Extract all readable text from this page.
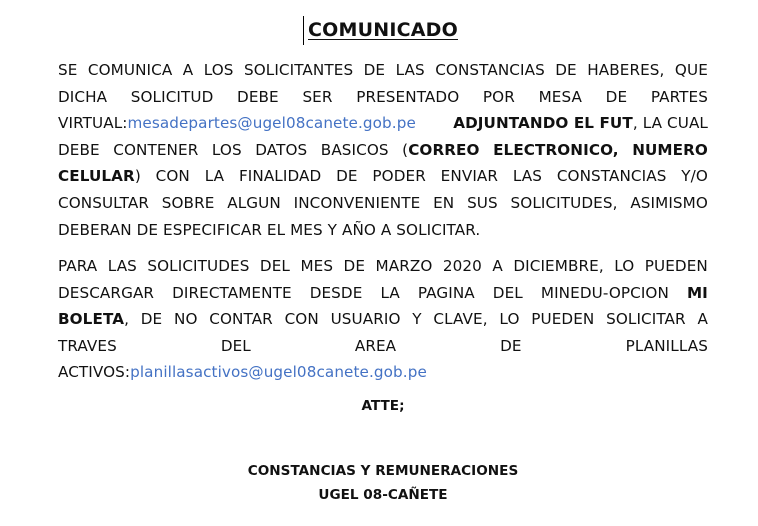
COMUNICADO
SE COMUNICA A LOS SOLICITANTES DE LAS CONSTANCIAS DE HABERES, QUE
DICHA SOLICITUD DEBE SER PRESENTADO POR MESA DE PARTES
VIRTUAL:mesadepartes@ugel08canete.gob.pe ADJUNTANDO EL FUT, LA CUAL
DEBE CONTENER LOS DATOS BASICOS (CORREO ELECTRONICO, NUMERO
CELULAR) CON LA FINALIDAD DE PODER ENVIAR LAS CONSTANCIAS Y/O
CONSULTAR SOBRE ALGUN INCONVENIENTE EN SUS SOLICITUDES, ASIMISMO
DEBERAN DE ESPECIFICAR EL MES Y AÑO A SOLICITAR.
PARA LAS SOLICITUDES DEL MES DE MARZO 2020 A DICIEMBRE, LO PUEDEN
DESCARGAR DIRECTAMENTE DESDE LA PAGINA DEL MINEDU-OPCION MI
BOLETA, DE NO CONTAR CON USUARIO Y CLAVE, LO PUEDEN SOLICITAR A
TRAVES	DEL	AREA	DE	PLANILLAS
ACTIVOS:planillasactivos@ugel08canete.gob.pe
ATTE;
CONSTANCIAS Y REMUNERACIONES
UGEL 08-CAÑETE
